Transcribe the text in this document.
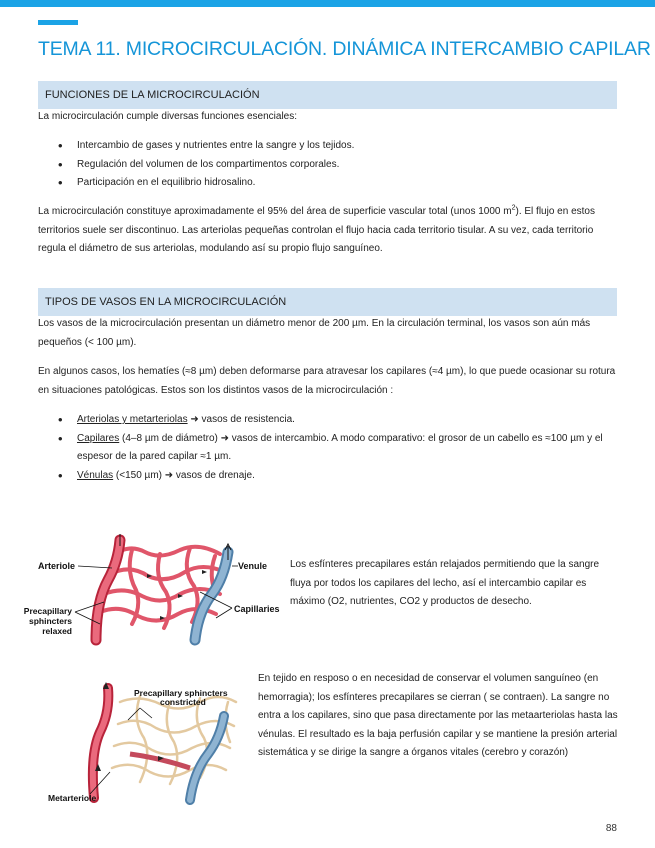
TEMA 11. MICROCIRCULACIÓN. DINÁMICA INTERCAMBIO CAPILAR
FUNCIONES DE LA MICROCIRCULACIÓN

La microcirculación cumple diversas funciones esenciales:

• Intercambio de gases y nutrientes entre la sangre y los tejidos.
• Regulación del volumen de los compartimentos corporales.
• Participación en el equilibrio hidrosalino.

La microcirculación constituye aproximadamente el 95% del área de superficie vascular total (unos 1000 $m^2$). El flujo en estos territorios suele ser discontinuo. Las arteriolas pequeñas controlan el flujo hacia cada territorio tisular. A su vez, cada territorio regula el diámetro de sus arteriolas, modulando así su propio flujo sanguíneo.

TIPOS DE VASOS EN LA MICROCIRCULACIÓN

Los vasos de la microcirculación presentan un diámetro menor de 200 µm. En la circulación terminal, los vasos son aún más pequeños (< 100 µm).

En algunos casos, los hematíes (≈8 µm) deben deformarse para atravesar los capilares (≈4 µm), lo que puede ocasionar su rotura en situaciones patológicas. Estos son los distintos vasos de la microcirculación :

• Arteriolas y metarteriolas ➜ vasos de resistencia.
• Capilares (4–8 µm de diámetro) ➜ vasos de intercambio. A modo comparativo: el grosor de un cabello es ≈100 µm y el espesor de la pared capilar ≈1 µm.
• Vénulas (<150 µm) ➜ vasos de drenaje.
Arteriole	Venule
Capillaries
Precapillary
sphincters
relaxed

Los esfínteres precapilares están relajados permitiendo que la sangre fluya por todos los capilares del lecho, así el intercambio capilar es máximo (O2, nutrientes, CO2 y productos de desecho.

Precapillary sphincters
constricted
Metarteriole

En tejido en resposo o en necesidad de conservar el volumen sanguíneo (en hemorragia); los esfínteres precapilares se cierran ( se contraen). La sangre no entra a los capilares, sino que pasa directamente por las metaarteriolas hasta las vénulas. El resultado es la baja perfusión capilar y se mantiene la presión arterial sistemática y se dirige la sangre a órganos vitales (cerebro y corazón)

88
